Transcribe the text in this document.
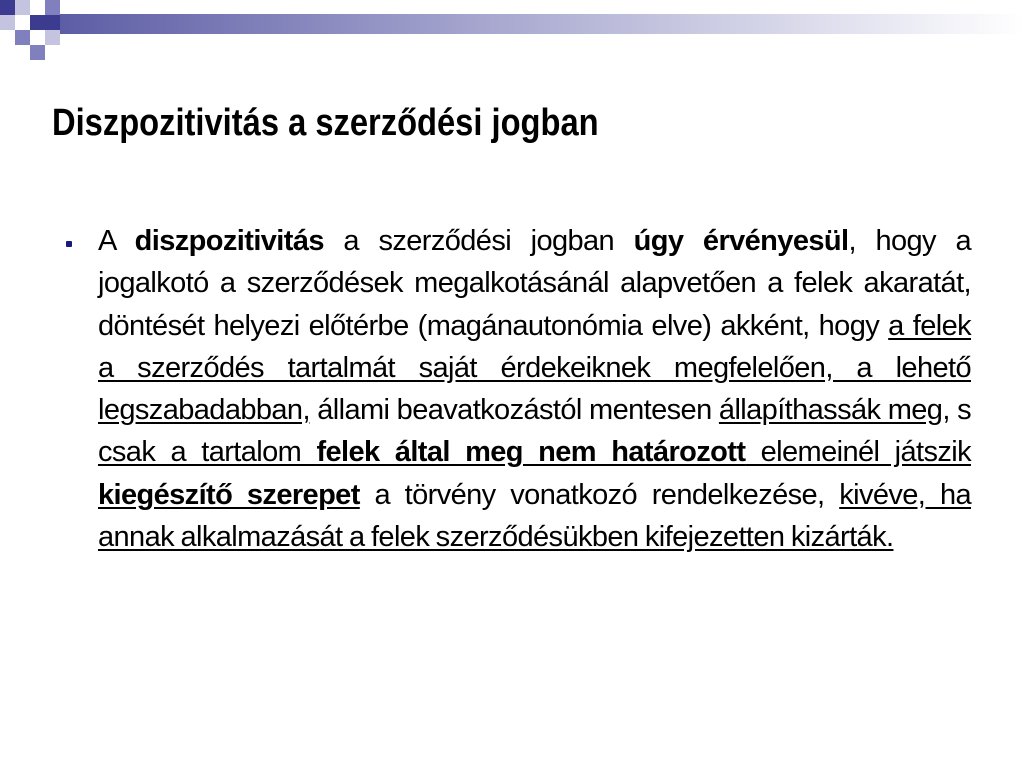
Diszpozitivitás a szerződési jogban

A diszpozitivitás a szerződési jogban úgy érvényesül, hogy a jogalkotó a szerződések megalkotásánál alapvetően a felek akaratát, döntését helyezi előtérbe (magánautonómia elve) akként, hogy a felek a szerződés tartalmát saját érdekeiknek megfelelően, a lehető legszabadabban, állami beavatkozástól mentesen állapíthassák meg, s csak a tartalom felek által meg nem határozott elemeinél játszik kiegészítő szerepet a törvény vonatkozó rendelkezése, kivéve, ha annak alkalmazását a felek szerződésükben kifejezetten kizárták.
